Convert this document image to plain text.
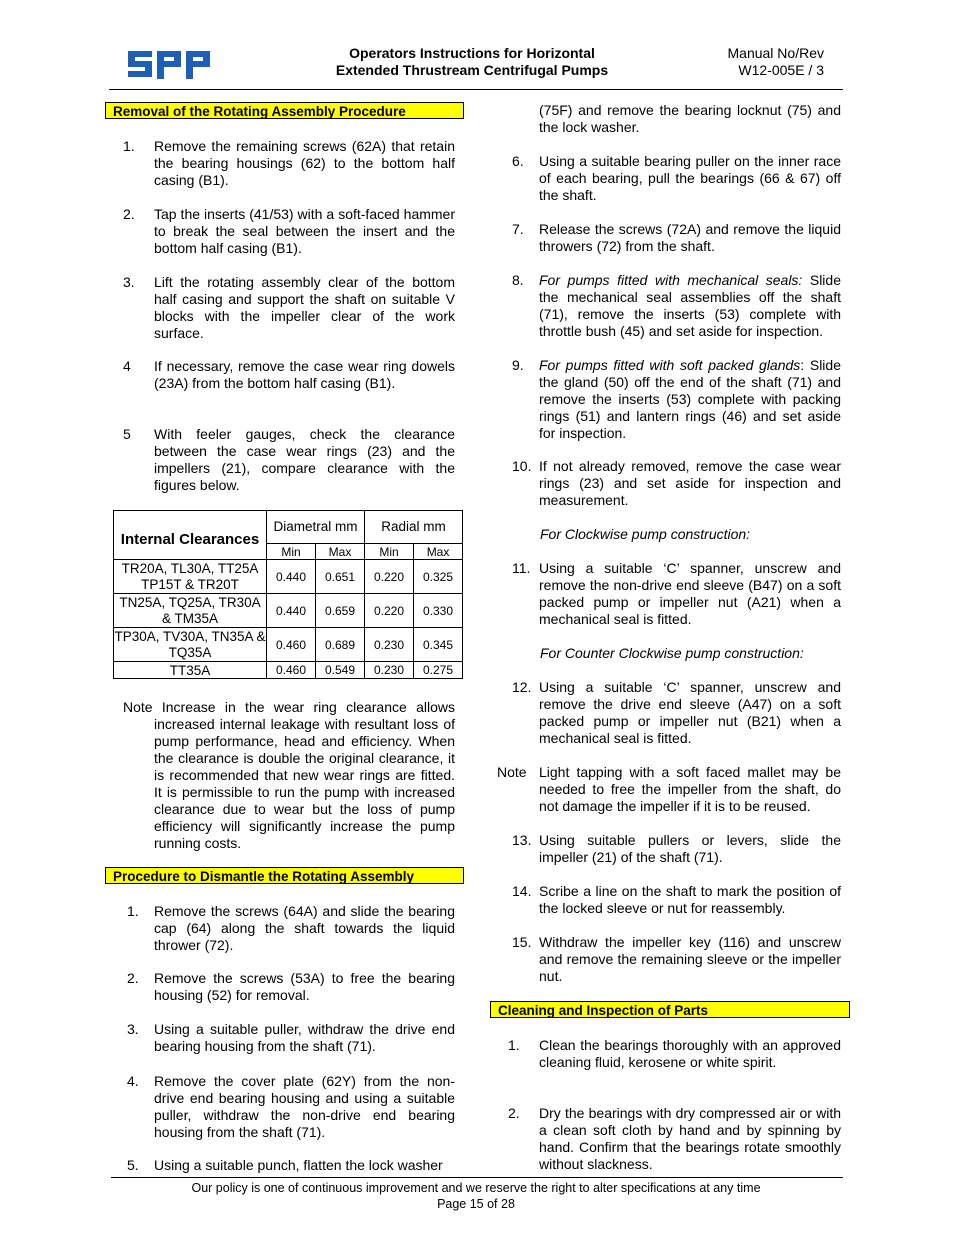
Operators Instructions for Horizontal
Extended Thrustream Centrifugal Pumps
Manual No/Rev
W12-005E / 3
Removal of the Rotating Assembly Procedure
1. Remove the remaining screws (62A) that retain the bearing housings (62) to the bottom half casing (B1).
2. Tap the inserts (41/53) with a soft-faced hammer to break the seal between the insert and the bottom half casing (B1).
3. Lift the rotating assembly clear of the bottom half casing and support the shaft on suitable V blocks with the impeller clear of the work surface.
4 If necessary, remove the case wear ring dowels (23A) from the bottom half casing (B1).
5 With feeler gauges, check the clearance between the case wear rings (23) and the impellers (21), compare clearance with the figures below.
Internal Clearances	Diametral mm		Radial mm	
	Min	Max	Min	Max
TR20A, TL30A, TT25A TP15T & TR20T	0.440	0.651	0.220	0.325
TN25A, TQ25A, TR30A & TM35A	0.440	0.659	0.220	0.330
TP30A, TV30A, TN35A & TQ35A	0.460	0.689	0.230	0.345
TT35A	0.460	0.549	0.230	0.275
Note Increase in the wear ring clearance allows increased internal leakage with resultant loss of pump performance, head and efficiency. When the clearance is double the original clearance, it is recommended that new wear rings are fitted. It is permissible to run the pump with increased clearance due to wear but the loss of pump efficiency will significantly increase the pump running costs.
Procedure to Dismantle the Rotating Assembly
1. Remove the screws (64A) and slide the bearing cap (64) along the shaft towards the liquid thrower (72).
2. Remove the screws (53A) to free the bearing housing (52) for removal.
3. Using a suitable puller, withdraw the drive end bearing housing from the shaft (71).
4. Remove the cover plate (62Y) from the non-drive end bearing housing and using a suitable puller, withdraw the non-drive end bearing housing from the shaft (71).
5. Using a suitable punch, flatten the lock washer
(75F) and remove the bearing locknut (75) and the lock washer.
6. Using a suitable bearing puller on the inner race of each bearing, pull the bearings (66 & 67) off the shaft.
7. Release the screws (72A) and remove the liquid throwers (72) from the shaft.
8. For pumps fitted with mechanical seals: Slide the mechanical seal assemblies off the shaft (71), remove the inserts (53) complete with throttle bush (45) and set aside for inspection.
9. For pumps fitted with soft packed glands: Slide the gland (50) off the end of the shaft (71) and remove the inserts (53) complete with packing rings (51) and lantern rings (46) and set aside for inspection.
10. If not already removed, remove the case wear rings (23) and set aside for inspection and measurement.
For Clockwise pump construction:
11. Using a suitable ‘C’ spanner, unscrew and remove the non-drive end sleeve (B47) on a soft packed pump or impeller nut (A21) when a mechanical seal is fitted.
For Counter Clockwise pump construction:
12. Using a suitable ‘C’ spanner, unscrew and remove the drive end sleeve (A47) on a soft packed pump or impeller nut (B21) when a mechanical seal is fitted.
Note Light tapping with a soft faced mallet may be needed to free the impeller from the shaft, do not damage the impeller if it is to be reused.
13. Using suitable pullers or levers, slide the impeller (21) of the shaft (71).
14. Scribe a line on the shaft to mark the position of the locked sleeve or nut for reassembly.
15. Withdraw the impeller key (116) and unscrew and remove the remaining sleeve or the impeller nut.
Cleaning and Inspection of Parts
1. Clean the bearings thoroughly with an approved cleaning fluid, kerosene or white spirit.
2. Dry the bearings with dry compressed air or with a clean soft cloth by hand and by spinning by hand. Confirm that the bearings rotate smoothly without slackness.
Our policy is one of continuous improvement and we reserve the right to alter specifications at any time
Page 15 of 28
